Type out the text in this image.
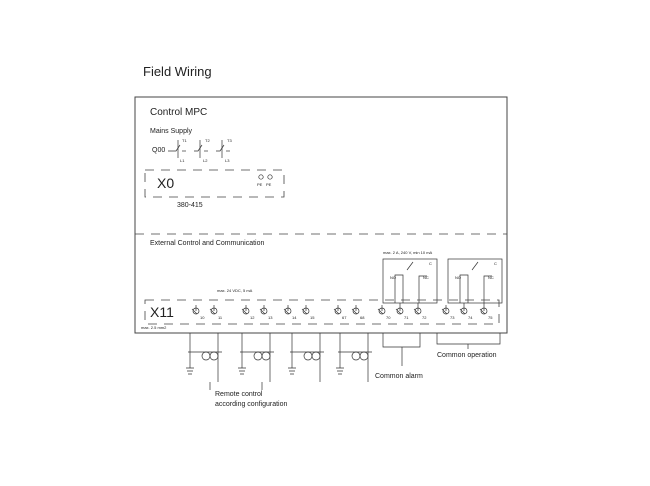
Field Wiring
Control MPC
Mains Supply
Q00
T1	T2	T3
L1	L2	L3
X0	PE PE
380-415
External Control and Communication
max. 24 VDC, 5 mA
max. 2 A, 240 V, min 10 mA
NO	NC
C
NO	NC
C
X11
max. 2.5 mm2
10	11	12	13	14	15	67	68	70	71	72	73	74	75
Remote control
according configuration
Common alarm
Common operation
